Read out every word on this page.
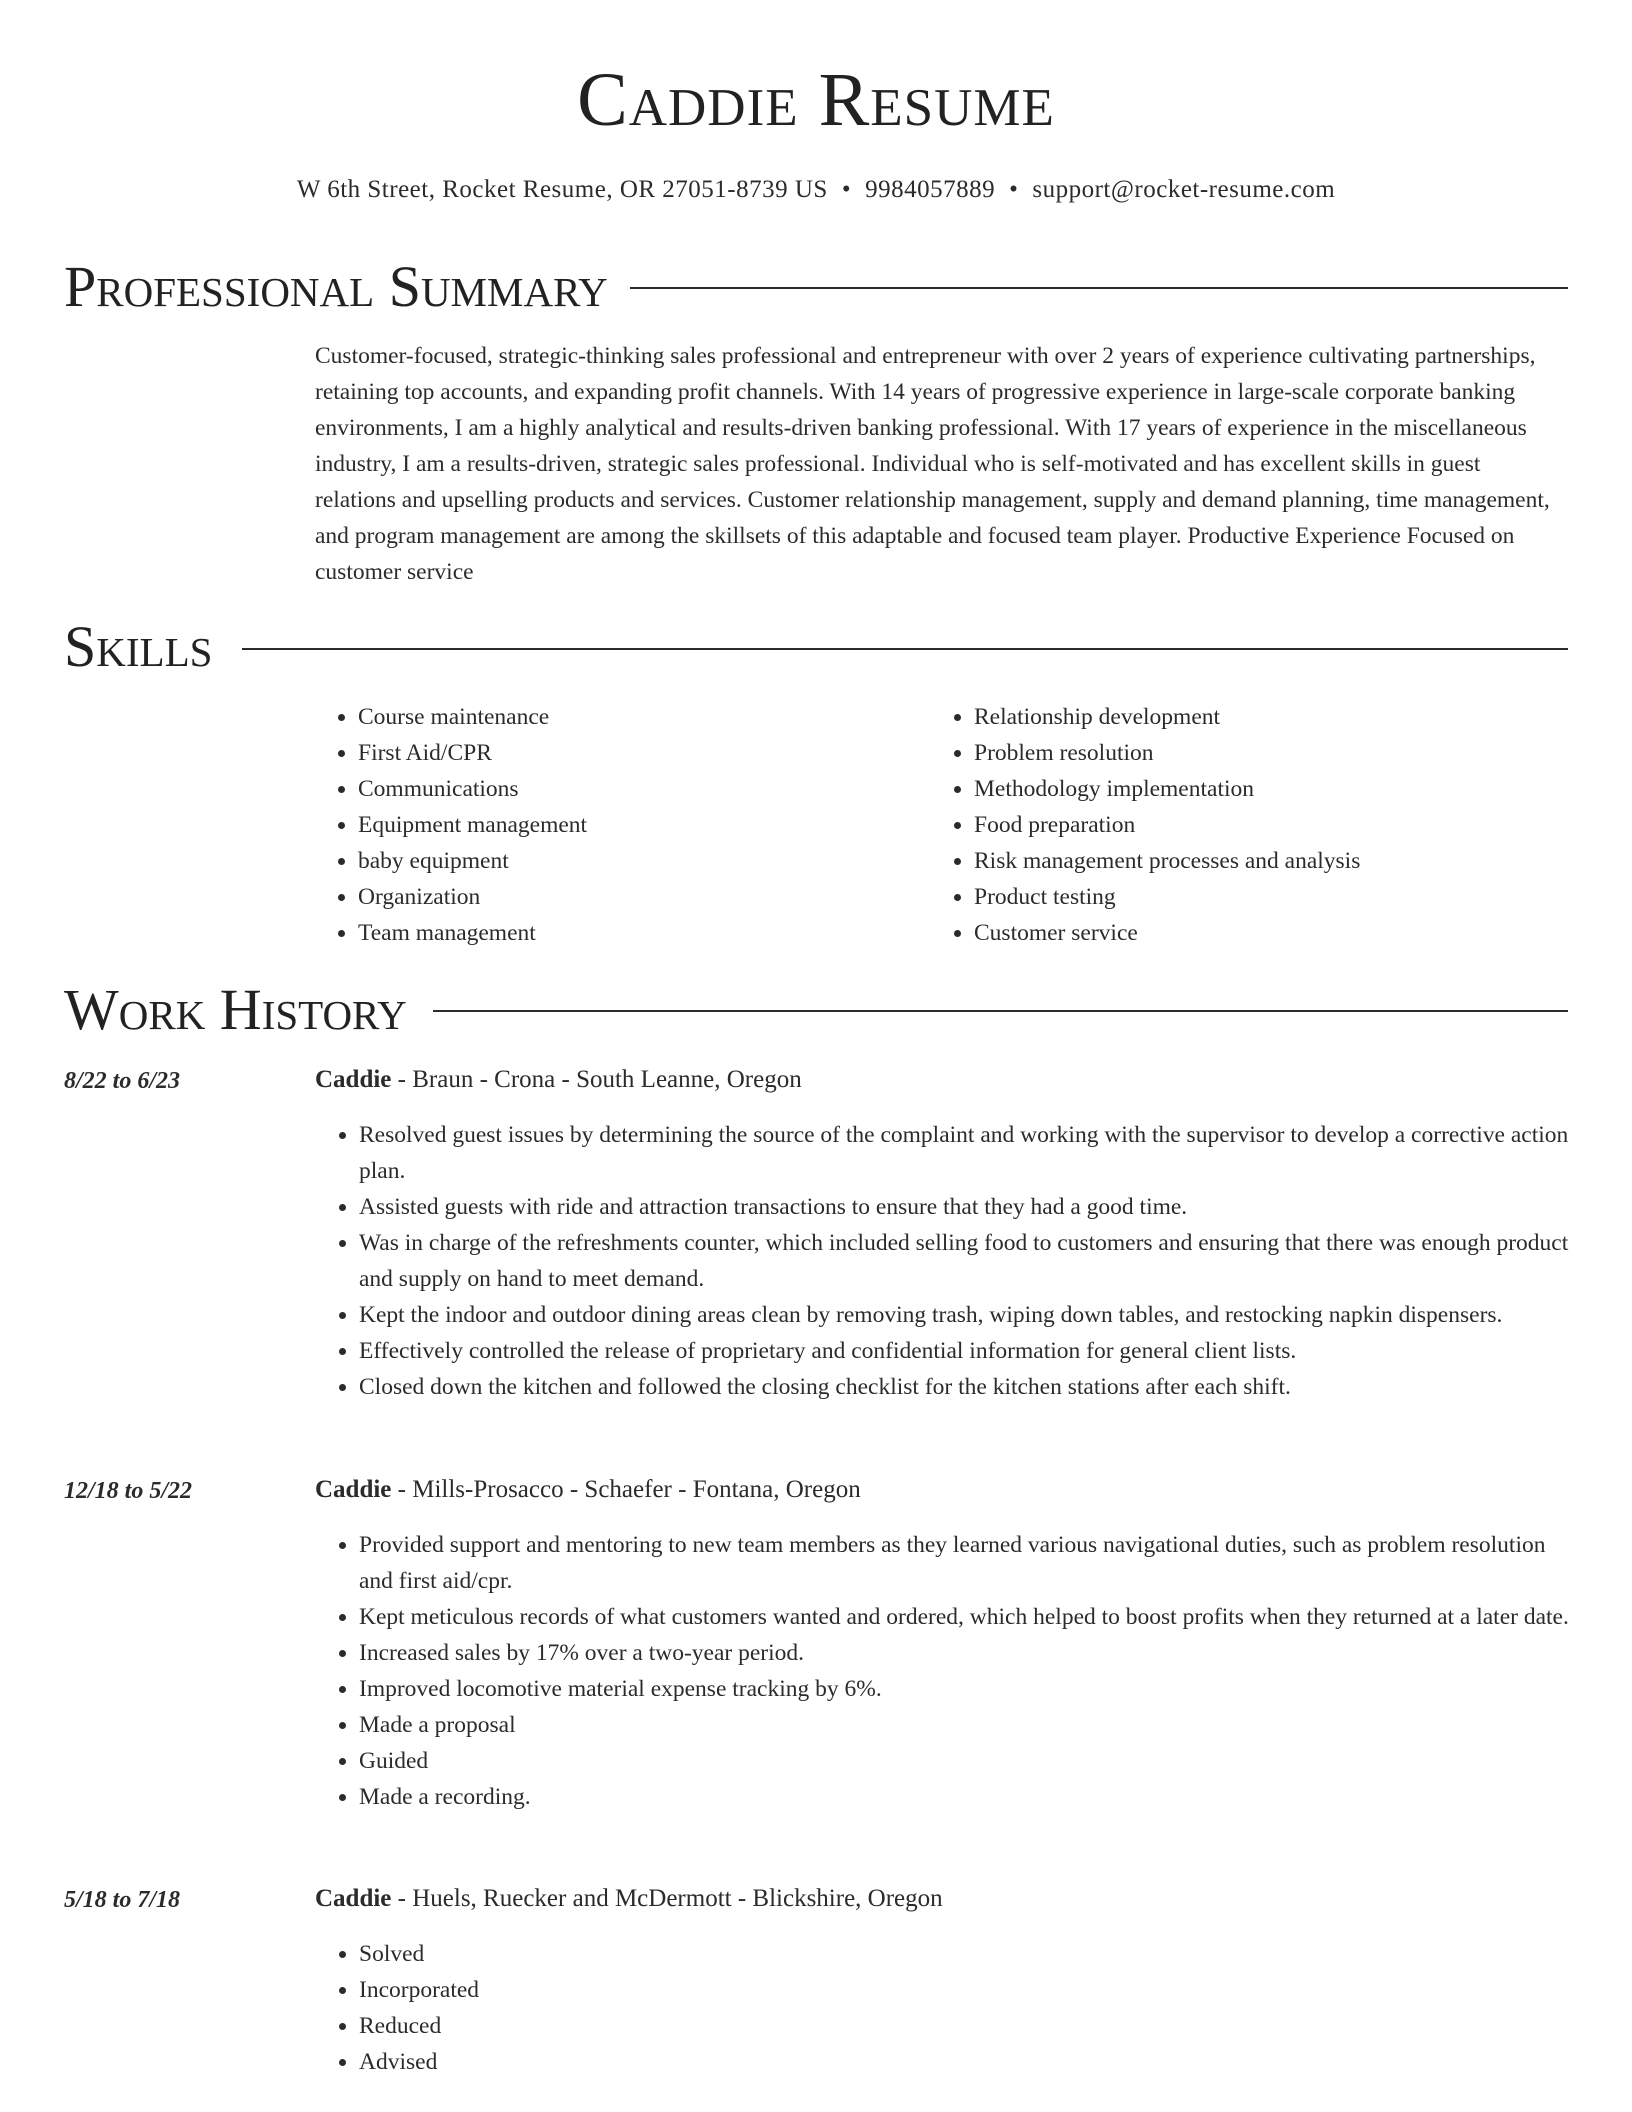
Caddie Resume
W 6th Street, Rocket Resume, OR 27051-8739 US • 9984057889 • support@rocket-resume.com
Professional Summary
Customer-focused, strategic-thinking sales professional and entrepreneur with over 2 years of experience cultivating partnerships, retaining top accounts, and expanding profit channels. With 14 years of progressive experience in large-scale corporate banking environments, I am a highly analytical and results-driven banking professional. With 17 years of experience in the miscellaneous industry, I am a results-driven, strategic sales professional. Individual who is self-motivated and has excellent skills in guest relations and upselling products and services. Customer relationship management, supply and demand planning, time management, and program management are among the skillsets of this adaptable and focused team player. Productive Experience Focused on customer service
Skills
• Course maintenance
• First Aid/CPR
• Communications
• Equipment management
• baby equipment
• Organization
• Team management
• Relationship development
• Problem resolution
• Methodology implementation
• Food preparation
• Risk management processes and analysis
• Product testing
• Customer service
Work History
8/22 to 6/23	Caddie - Braun - Crona - South Leanne, Oregon
• Resolved guest issues by determining the source of the complaint and working with the supervisor to develop a corrective action plan.
• Assisted guests with ride and attraction transactions to ensure that they had a good time.
• Was in charge of the refreshments counter, which included selling food to customers and ensuring that there was enough product and supply on hand to meet demand.
• Kept the indoor and outdoor dining areas clean by removing trash, wiping down tables, and restocking napkin dispensers.
• Effectively controlled the release of proprietary and confidential information for general client lists.
• Closed down the kitchen and followed the closing checklist for the kitchen stations after each shift.
12/18 to 5/22	Caddie - Mills-Prosacco - Schaefer - Fontana, Oregon
• Provided support and mentoring to new team members as they learned various navigational duties, such as problem resolution and first aid/cpr.
• Kept meticulous records of what customers wanted and ordered, which helped to boost profits when they returned at a later date.
• Increased sales by 17% over a two-year period.
• Improved locomotive material expense tracking by 6%.
• Made a proposal
• Guided
• Made a recording.
5/18 to 7/18	Caddie - Huels, Ruecker and McDermott - Blickshire, Oregon
• Solved
• Incorporated
• Reduced
• Advised
